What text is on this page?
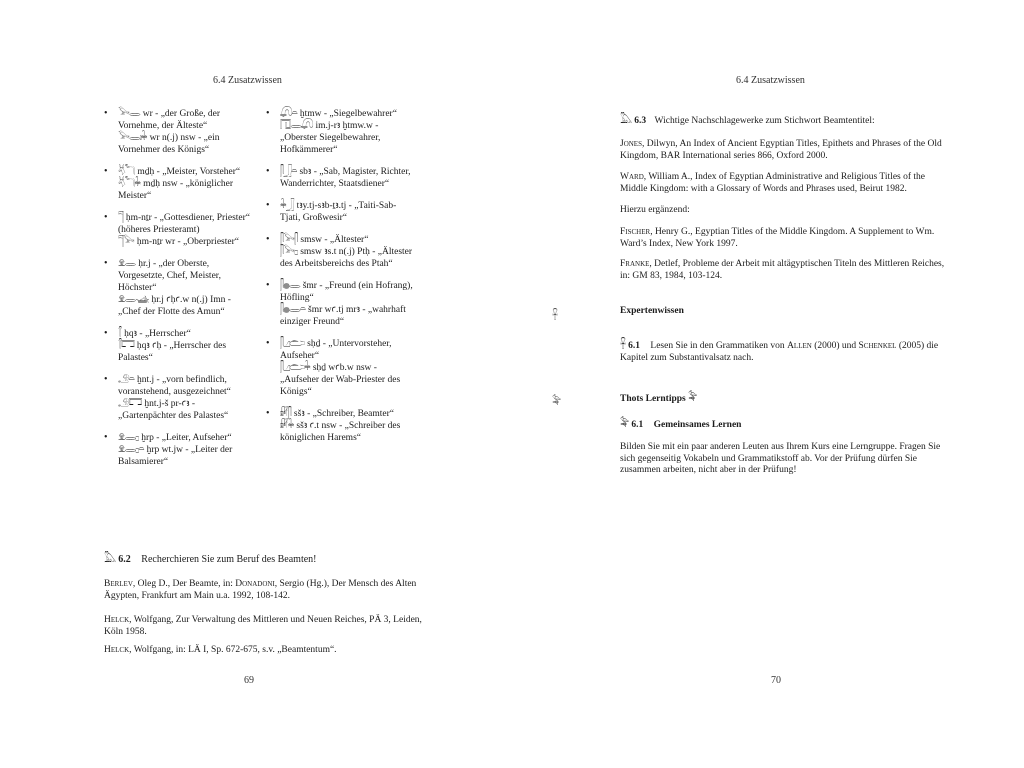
6.4 Zusatzwissen
• 𓅨𓂋 wr - „der Große, der Vornehme, der Älteste“
𓅨𓂋𓏤𓇓 wr n(.j) nsw - „ein Vornehmer des Königs“
• 𓄃𓆓 mḏḥ - „Meister, Vorsteher“
𓄃𓆓𓇓 mḏḥ nsw - „königlicher Meister“
• 𓊹 ḥm-nṯr - „Gottesdiener, Priester“ (höheres Priesteramt)
𓊹𓅨 ḥm-nṯr wr - „Oberpriester“
• 𓁷𓂋 ḥr.j - „der Oberste, Vorgesetzte, Chef, Meister, Höchster“
𓁷𓂋𓊛 ḥr.j ꜥḥꜥ.w n(.j) Imn - „Chef der Flotte des Amun“
• 𓋾 ḥqꜣ - „Herrscher“
𓋾𓉐 ḥqꜣ ꜥḥ - „Herrscher des Palastes“
• 𓄂𓏏 ḫnt.j - „vorn befindlich, voranstehend, ausgezeichnet“
𓄂𓉐 ḫnt.j-š pr-ꜥꜣ - „Gartenpächter des Palastes“
• 𓁷𓂋𓊪 ḫrp - „Leiter, Aufseher“
𓁷𓂋𓊪𓏏 ḫrp wt.jw - „Leiter der Balsamierer“
• 𓋨𓏏 ḫtmw - „Siegelbewahrer“
𓉔𓂋𓋨 im.j-rꜣ ḫtmw.w - „Oberster Siegelbewahrer, Hofkämmerer“
• 𓋴𓃀𓏏 sbꜣ - „Sab, Magister, Richter, Wanderrichter, Staatsdiener“
• 𓇓𓃀 tꜣy.tj-sꜣb-ṯꜣ.tj - „Taiti-Sab-Tjati, Großwesir“
• 𓋴𓅨𓋴 smsw - „Ältester“
𓋴𓅨𓊪 smsw ꜣs.t n(.j) Ptḥ - „Ältester des Arbeitsbereichs des Ptah“
• 𓋴𓐍𓂋 šmr - „Freund (ein Hofrang), Höfling“
𓋴𓐍𓂋𓏏 šmr wꜥ.tj mrꜣ - „wahrhaft einziger Freund“
• 𓋴𓈎𓂧 sḥḏ - „Untervorsteher, Aufseher“
𓋴𓈎𓂧𓇓 sḥḏ wꜥb.w nsw - „Aufseher der Wab-Priester des Königs“
• 𓏞𓋴 sšꜣ - „Schreiber, Beamter“
𓏞𓇓 sšꜣ ꜥ.t nsw - „Schreiber des königlichen Harems“
𓅓 6.2 Recherchieren Sie zum Beruf des Beamten!
Berlev, Oleg D., Der Beamte, in: Donadoni, Sergio (Hg.), Der Mensch des Alten Ägypten, Frankfurt am Main u.a. 1992, 108-142.
Helck, Wolfgang, Zur Verwaltung des Mittleren und Neuen Reiches, PÄ 3, Leiden, Köln 1958.
Helck, Wolfgang, in: LÄ I, Sp. 672-675, s.v. „Beamtentum“.
69
6.4 Zusatzwissen
𓅓 6.3 Wichtige Nachschlagewerke zum Stichwort Beamtentitel:
Jones, Dilwyn, An Index of Ancient Egyptian Titles, Epithets and Phrases of the Old Kingdom, BAR International series 866, Oxford 2000.
Ward, William A., Index of Egyptian Administrative and Religious Titles of the Middle Kingdom: with a Glossary of Words and Phrases used, Beirut 1982.
Hierzu ergänzend:
Fischer, Henry G., Egyptian Titles of the Middle Kingdom. A Supplement to Wm. Ward’s Index, New York 1997.
Franke, Detlef, Probleme der Arbeit mit altägyptischen Titeln des Mittleren Reiches, in: GM 83, 1984, 103-124.
𓋹	Expertenwissen
𓋹 6.1 Lesen Sie in den Grammatiken von Allen (2000) und Schenkel (2005) die Kapitel zum Substantivalsatz nach.
𓅝	Thots Lerntipps 𓅝
𓅝 6.1 Gemeinsames Lernen
Bilden Sie mit ein paar anderen Leuten aus Ihrem Kurs eine Lerngruppe. Fragen Sie sich gegenseitig Vokabeln und Grammatikstoff ab. Vor der Prüfung dürfen Sie zusammen arbeiten, nicht aber in der Prüfung!
70
